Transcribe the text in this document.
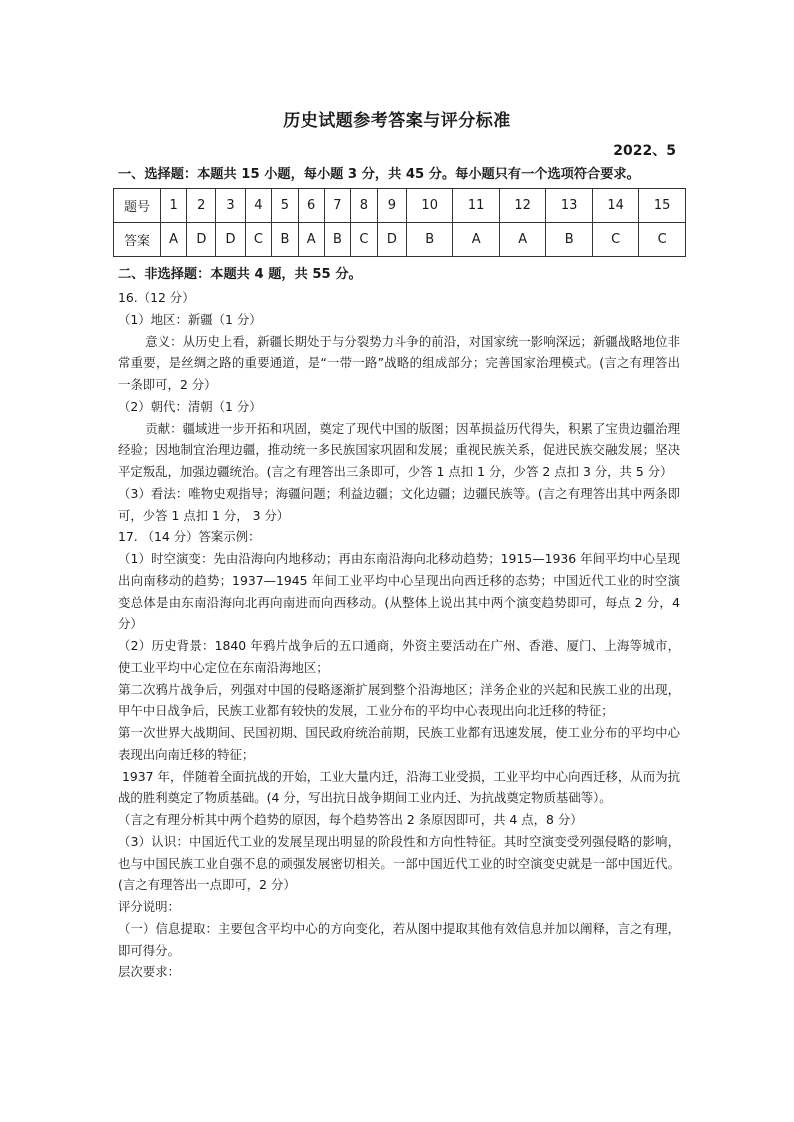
历史试题参考答案与评分标准
2022、5
一、选择题：本题共 15 小题，每小题 3 分，共 45 分。每小题只有一个选项符合要求。
题号	1	2	3	4	5	6	7	8	9	10	11	12	13	14	15
答案	A	D	D	C	B	A	B	C	D	B	A	A	B	C	C
二、非选择题：本题共 4 题，共 55 分。

16.（12 分）

（1）地区：新疆（1 分）

意义：从历史上看，新疆长期处于与分裂势力斗争的前沿，对国家统一影响深远；新疆战略地位非常重要，是丝绸之路的重要通道，是“一带一路”战略的组成部分；完善国家治理模式。(言之有理答出一条即可，2 分）

（2）朝代：清朝（1 分）

贡献：疆域进一步开拓和巩固，奠定了现代中国的版图；因革损益历代得失，积累了宝贵边疆治理经验；因地制宜治理边疆，推动统一多民族国家巩固和发展；重视民族关系，促进民族交融发展；坚决平定叛乱，加强边疆统治。(言之有理答出三条即可，少答 1 点扣 1 分，少答 2 点扣 3 分，共 5 分）

（3）看法：唯物史观指导；海疆问题；利益边疆；文化边疆；边疆民族等。(言之有理答出其中两条即可，少答 1 点扣 1 分， 3 分）

17. （14 分）答案示例：

（1）时空演变：先由沿海向内地移动；再由东南沿海向北移动趋势；1915—1936 年间平均中心呈现出向南移动的趋势；1937—1945 年间工业平均中心呈现出向西迁移的态势；中国近代工业的时空演变总体是由东南沿海向北再向南进而向西移动。(从整体上说出其中两个演变趋势即可，每点 2 分，4 分）

（2）历史背景：1840 年鸦片战争后的五口通商，外资主要活动在广州、香港、厦门、上海等城市，使工业平均中心定位在东南沿海地区；

第二次鸦片战争后，列强对中国的侵略逐渐扩展到整个沿海地区；洋务企业的兴起和民族工业的出现，甲午中日战争后，民族工业都有较快的发展，工业分布的平均中心表现出向北迁移的特征；

第一次世界大战期间、民国初期、国民政府统治前期，民族工业都有迅速发展，使工业分布的平均中心表现出向南迁移的特征；

1937 年，伴随着全面抗战的开始，工业大量内迁，沿海工业受损，工业平均中心向西迁移，从而为抗战的胜利奠定了物质基础。(4 分，写出抗日战争期间工业内迁、为抗战奠定物质基础等）。

（言之有理分析其中两个趋势的原因，每个趋势答出 2 条原因即可，共 4 点，8 分）

（3）认识：中国近代工业的发展呈现出明显的阶段性和方向性特征。其时空演变受列强侵略的影响，也与中国民族工业自强不息的顽强发展密切相关。一部中国近代工业的时空演变史就是一部中国近代。(言之有理答出一点即可，2 分）

评分说明：

（一）信息提取：主要包含平均中心的方向变化，若从图中提取其他有效信息并加以阐释，言之有理，即可得分。

层次要求：
